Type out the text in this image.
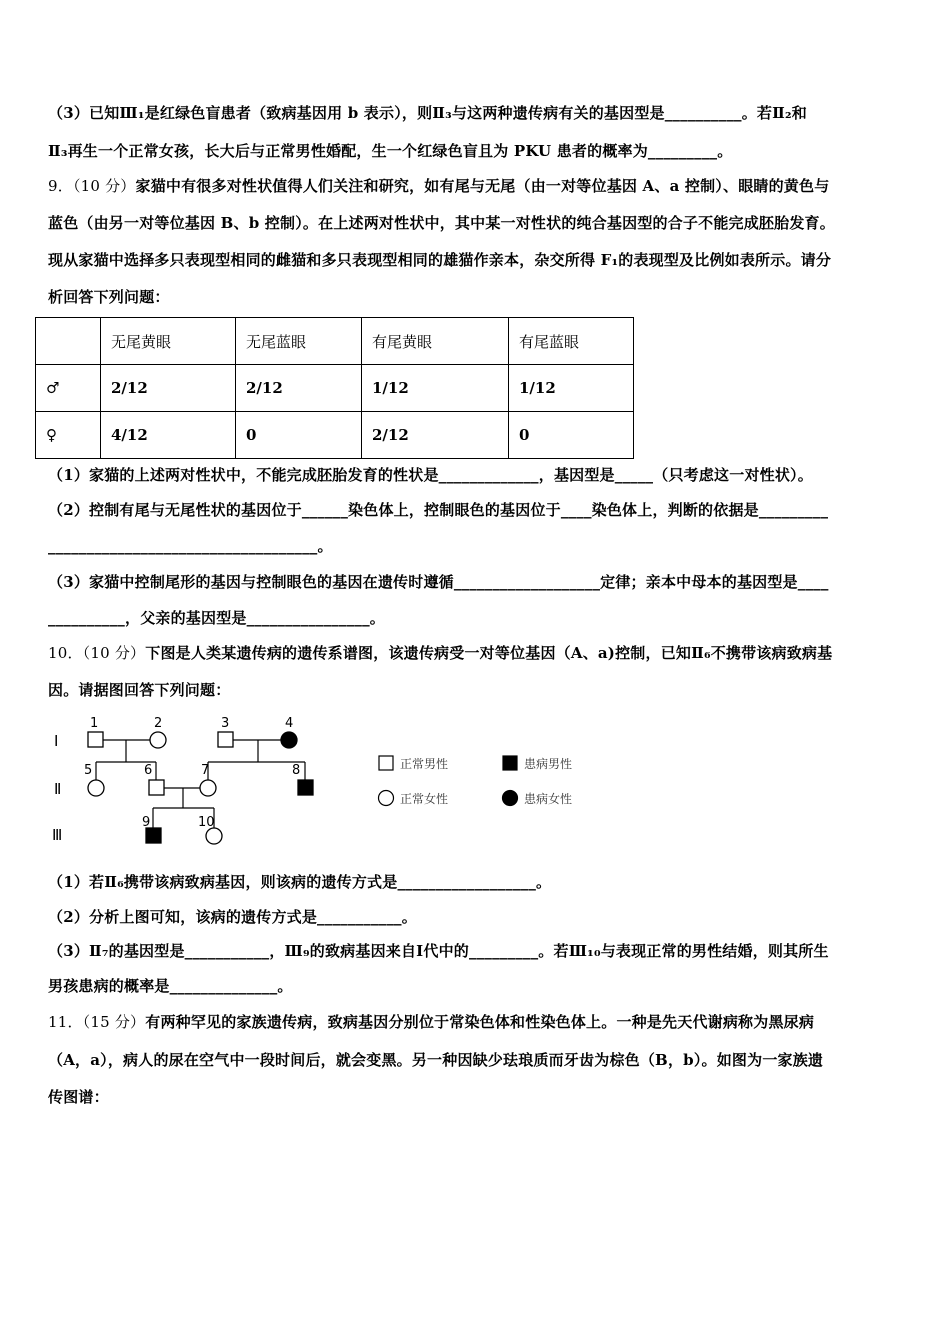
（3）已知Ⅲ₁是红绿色盲患者（致病基因用 b 表示），则Ⅱ₃与这两种遗传病有关的基因型是__________。若Ⅱ₂和
Ⅱ₃再生一个正常女孩，长大后与正常男性婚配，生一个红绿色盲且为 PKU 患者的概率为_________。
9．（10 分）家猫中有很多对性状值得人们关注和研究，如有尾与无尾（由一对等位基因 A、a 控制）、眼睛的黄色与
蓝色（由另一对等位基因 B、b 控制）。在上述两对性状中，其中某一对性状的纯合基因型的合子不能完成胚胎发育。
现从家猫中选择多只表现型相同的雌猫和多只表现型相同的雄猫作亲本，杂交所得 F₁的表现型及比例如表所示。请分
析回答下列问题：
	无尾黄眼	无尾蓝眼	有尾黄眼	有尾蓝眼
♂	2/12	2/12	1/12	1/12
♀	4/12	0	2/12	0
（1）家猫的上述两对性状中，不能完成胚胎发育的性状是_____________，基因型是_____（只考虑这一对性状）。
（2）控制有尾与无尾性状的基因位于______染色体上，控制眼色的基因位于____染色体上，判断的依据是_________
___________________________________。
（3）家猫中控制尾形的基因与控制眼色的基因在遗传时遵循___________________定律；亲本中母本的基因型是____
__________，父亲的基因型是________________。
10．（10 分）下图是人类某遗传病的遗传系谱图，该遗传病受一对等位基因（A、a)控制，已知Ⅱ₆不携带该病致病基
因。请据图回答下列问题：
Ⅰ
Ⅱ
Ⅲ
1	2	3	4
5	6	7	8
9	10
正常男性	患病男性
正常女性	患病女性
（1）若Ⅱ₆携带该病致病基因，则该病的遗传方式是__________________。
（2）分析上图可知，该病的遗传方式是___________。
（3）Ⅱ₇的基因型是___________，Ⅲ₉的致病基因来自Ⅰ代中的_________。若Ⅲ₁₀与表现正常的男性结婚，则其所生
男孩患病的概率是______________。
11．（15 分）有两种罕见的家族遗传病，致病基因分别位于常染色体和性染色体上。一种是先天代谢病称为黑尿病
（A，a），病人的尿在空气中一段时间后，就会变黑。另一种因缺少珐琅质而牙齿为棕色（B，b）。如图为一家族遗
传图谱：
